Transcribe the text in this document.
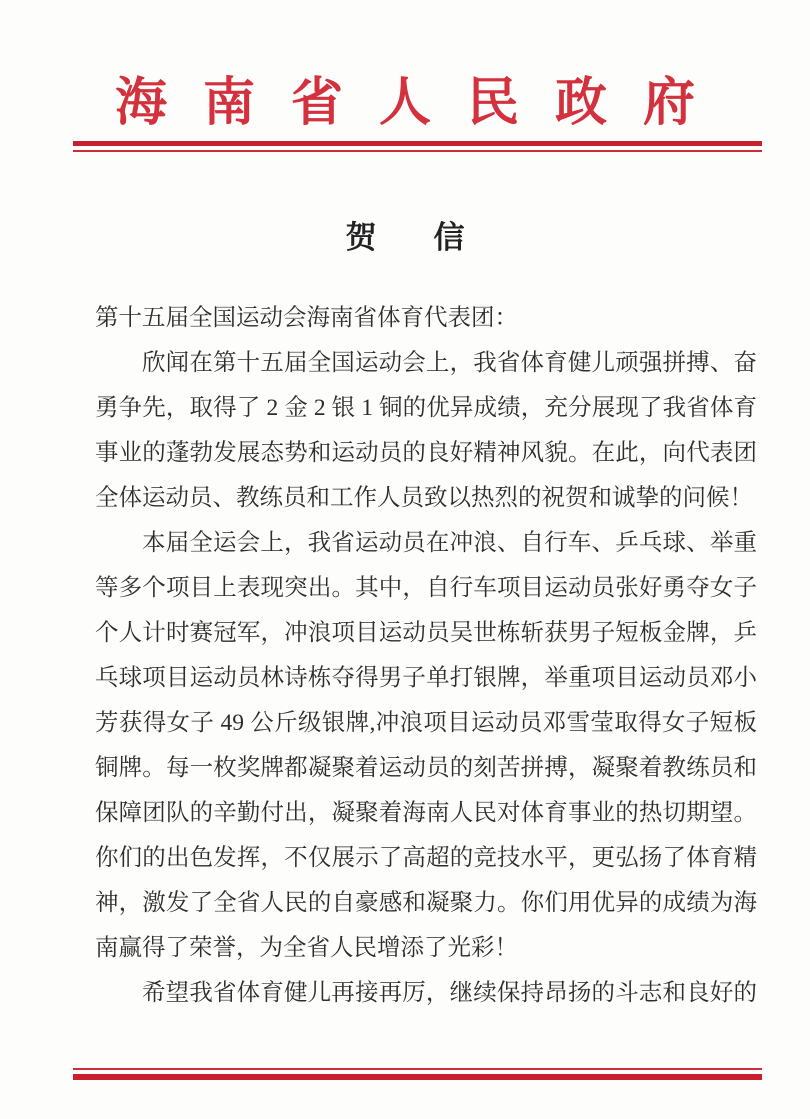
海南省人民政府
贺　信
第十五届全国运动会海南省体育代表团：
欣闻在第十五届全国运动会上，我省体育健儿顽强拼搏、奋
勇争先，取得了 2 金 2 银 1 铜的优异成绩，充分展现了我省体育
事业的蓬勃发展态势和运动员的良好精神风貌。在此，向代表团
全体运动员、教练员和工作人员致以热烈的祝贺和诚挚的问候！
本届全运会上，我省运动员在冲浪、自行车、乒乓球、举重
等多个项目上表现突出。其中，自行车项目运动员张好勇夺女子
个人计时赛冠军，冲浪项目运动员吴世栋斩获男子短板金牌，乒
乓球项目运动员林诗栋夺得男子单打银牌，举重项目运动员邓小
芳获得女子 49 公斤级银牌,冲浪项目运动员邓雪莹取得女子短板
铜牌。每一枚奖牌都凝聚着运动员的刻苦拼搏，凝聚着教练员和
保障团队的辛勤付出，凝聚着海南人民对体育事业的热切期望。
你们的出色发挥，不仅展示了高超的竞技水平，更弘扬了体育精
神，激发了全省人民的自豪感和凝聚力。你们用优异的成绩为海
南赢得了荣誉，为全省人民增添了光彩！
希望我省体育健儿再接再厉，继续保持昂扬的斗志和良好的
